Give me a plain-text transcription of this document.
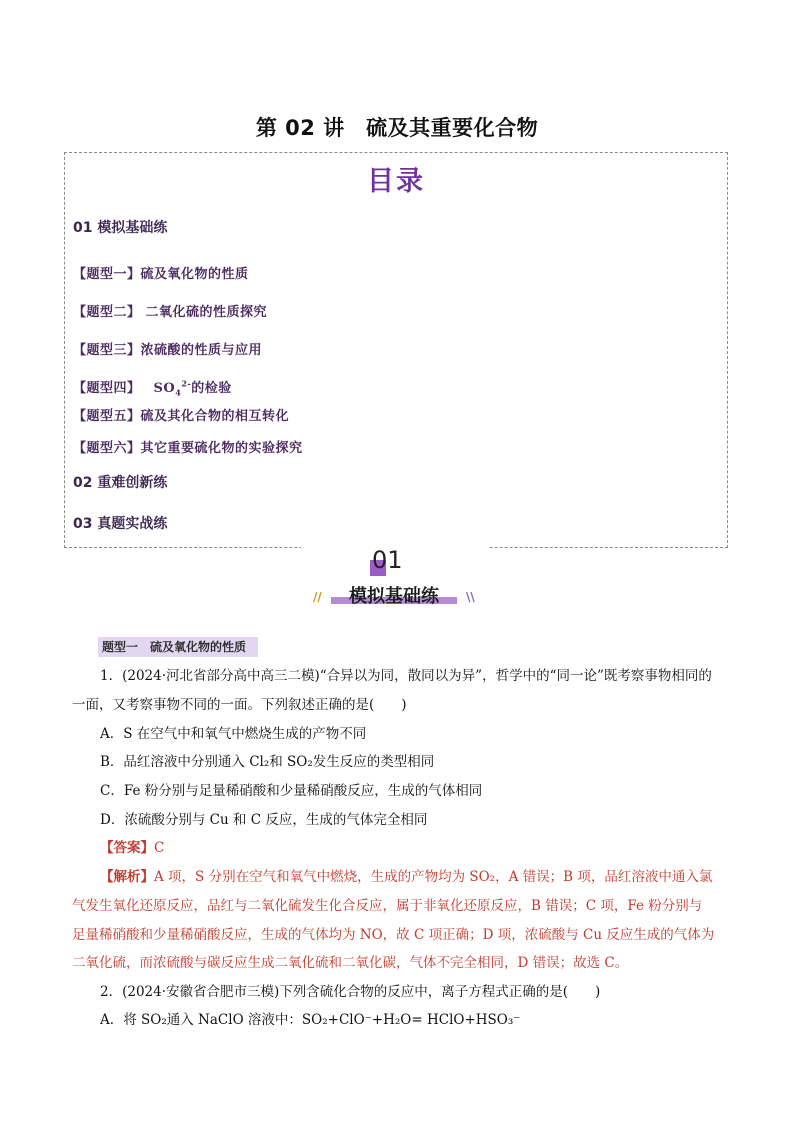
第 02 讲　硫及其重要化合物
目录
01 模拟基础练
【题型一】硫及氧化物的性质
【题型二】 二氧化硫的性质探究
【题型三】浓硫酸的性质与应用
【题型四】 $SO_4^{2-}$的检验
【题型五】硫及其化合物的相互转化
【题型六】其它重要硫化物的实验探究
02 重难创新练
03 真题实战练
01
//	模拟基础练	\\
题型一　硫及氧化物的性质
1．(2024·河北省部分高中高三二模)“合异以为同，散同以为异”，哲学中的“同一论”既考察事物相同的
一面，又考察事物不同的一面。下列叙述正确的是(　　)
A．S 在空气中和氧气中燃烧生成的产物不同
B．品红溶液中分别通入 Cl₂和 SO₂发生反应的类型相同
C．Fe 粉分别与足量稀硝酸和少量稀硝酸反应，生成的气体相同
D．浓硫酸分别与 Cu 和 C 反应，生成的气体完全相同
【答案】C
【解析】A 项，S 分别在空气和氧气中燃烧，生成的产物均为 SO₂，A 错误；B 项，品红溶液中通入氯
气发生氧化还原反应，品红与二氧化硫发生化合反应，属于非氧化还原反应，B 错误；C 项，Fe 粉分别与
足量稀硝酸和少量稀硝酸反应，生成的气体均为 NO，故 C 项正确；D 项，浓硫酸与 Cu 反应生成的气体为
二氧化硫，而浓硫酸与碳反应生成二氧化硫和二氧化碳，气体不完全相同，D 错误；故选 C。
2．(2024·安徽省合肥市三模)下列含硫化合物的反应中，离子方程式正确的是(　　)
A．将 SO₂通入 NaClO 溶液中：SO₂+ClO⁻+H₂O= HClO+HSO₃⁻
